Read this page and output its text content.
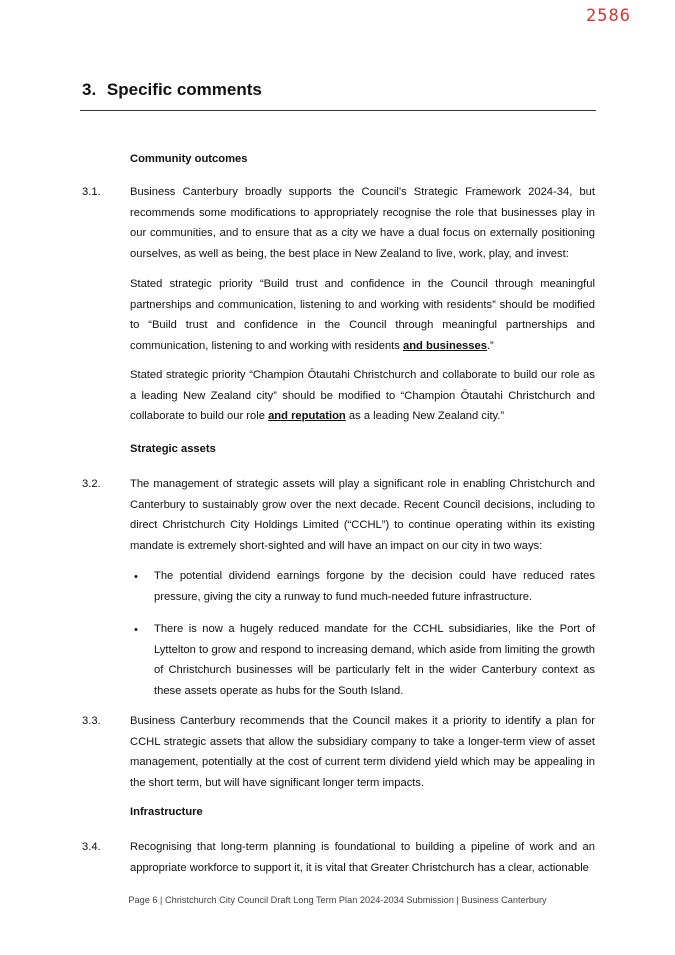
2586
3. Specific comments
Community outcomes
3.1.	Business Canterbury broadly supports the Council’s Strategic Framework 2024-34, but recommends some modifications to appropriately recognise the role that businesses play in our communities, and to ensure that as a city we have a dual focus on externally positioning ourselves, as well as being, the best place in New Zealand to live, work, play, and invest:
Stated strategic priority “Build trust and confidence in the Council through meaningful partnerships and communication, listening to and working with residents” should be modified to “Build trust and confidence in the Council through meaningful partnerships and communication, listening to and working with residents and businesses.”
Stated strategic priority “Champion Ōtautahi Christchurch and collaborate to build our role as a leading New Zealand city” should be modified to “Champion Ōtautahi Christchurch and collaborate to build our role and reputation as a leading New Zealand city.”
Strategic assets
3.2.	The management of strategic assets will play a significant role in enabling Christchurch and Canterbury to sustainably grow over the next decade. Recent Council decisions, including to direct Christchurch City Holdings Limited (“CCHL”) to continue operating within its existing mandate is extremely short-sighted and will have an impact on our city in two ways:
• The potential dividend earnings forgone by the decision could have reduced rates pressure, giving the city a runway to fund much-needed future infrastructure.
• There is now a hugely reduced mandate for the CCHL subsidiaries, like the Port of Lyttelton to grow and respond to increasing demand, which aside from limiting the growth of Christchurch businesses will be particularly felt in the wider Canterbury context as these assets operate as hubs for the South Island.
3.3.	Business Canterbury recommends that the Council makes it a priority to identify a plan for CCHL strategic assets that allow the subsidiary company to take a longer-term view of asset management, potentially at the cost of current term dividend yield which may be appealing in the short term, but will have significant longer term impacts.
Infrastructure
3.4.	Recognising that long-term planning is foundational to building a pipeline of work and an appropriate workforce to support it, it is vital that Greater Christchurch has a clear, actionable
Page 6 | Christchurch City Council Draft Long Term Plan 2024-2034 Submission | Business Canterbury
